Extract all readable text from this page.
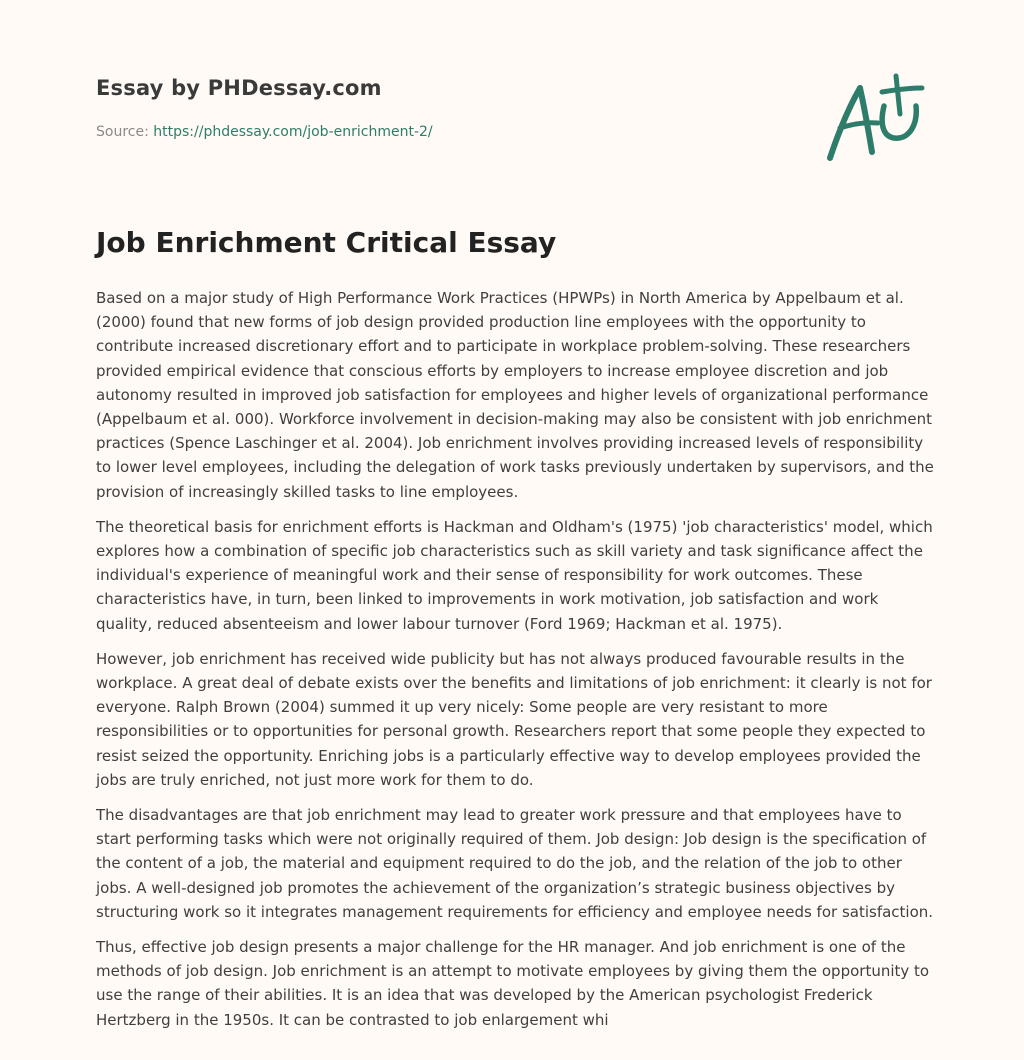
Essay by PHDessay.com
Source: https://phdessay.com/job-enrichment-2/
Job Enrichment Critical Essay

Based on a major study of High Performance Work Practices (HPWPs) in North America by Appelbaum et al. (2000) found that new forms of job design provided production line employees with the opportunity to contribute increased discretionary effort and to participate in workplace problem-solving. These researchers provided empirical evidence that conscious efforts by employers to increase employee discretion and job autonomy resulted in improved job satisfaction for employees and higher levels of organizational performance (Appelbaum et al. 000). Workforce involvement in decision-making may also be consistent with job enrichment practices (Spence Laschinger et al. 2004). Job enrichment involves providing increased levels of responsibility to lower level employees, including the delegation of work tasks previously undertaken by supervisors, and the provision of increasingly skilled tasks to line employees.

The theoretical basis for enrichment efforts is Hackman and Oldham's (1975) 'job characteristics' model, which explores how a combination of specific job characteristics such as skill variety and task significance affect the individual's experience of meaningful work and their sense of responsibility for work outcomes. These characteristics have, in turn, been linked to improvements in work motivation, job satisfaction and work quality, reduced absenteeism and lower labour turnover (Ford 1969; Hackman et al. 1975).

However, job enrichment has received wide publicity but has not always produced favourable results in the workplace. A great deal of debate exists over the benefits and limitations of job enrichment: it clearly is not for everyone. Ralph Brown (2004) summed it up very nicely: Some people are very resistant to more responsibilities or to opportunities for personal growth. Researchers report that some people they expected to resist seized the opportunity. Enriching jobs is a particularly effective way to develop employees provided the jobs are truly enriched, not just more work for them to do.

The disadvantages are that job enrichment may lead to greater work pressure and that employees have to start performing tasks which were not originally required of them. Job design: Job design is the specification of the content of a job, the material and equipment required to do the job, and the relation of the job to other jobs. A well-designed job promotes the achievement of the organization’s strategic business objectives by structuring work so it integrates management requirements for efficiency and employee needs for satisfaction.

Thus, effective job design presents a major challenge for the HR manager. And job enrichment is one of the methods of job design. Job enrichment is an attempt to motivate employees by giving them the opportunity to use the range of their abilities. It is an idea that was developed by the American psychologist Frederick Hertzberg in the 1950s. It can be contrasted to job enlargement whi
